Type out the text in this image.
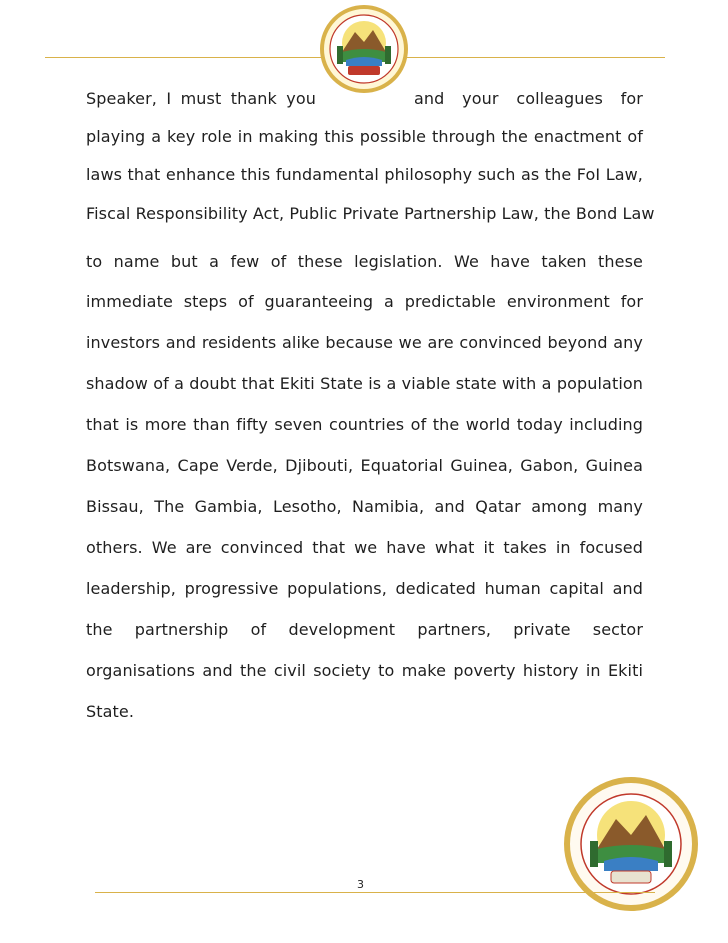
Speaker, I must thank you	and your colleagues for
playing a key role in making this possible through the enactment of
laws that enhance this fundamental philosophy such as the FoI Law,
Fiscal Responsibility Act, Public Private Partnership Law, the Bond Law
to name but a few of these legislation. We have taken these
immediate steps of guaranteeing a predictable environment for
investors and residents alike because we are convinced beyond any
shadow of a doubt that Ekiti State is a viable state with a population
that is more than fifty seven countries of the world today including
Botswana, Cape Verde, Djibouti, Equatorial Guinea, Gabon, Guinea
Bissau, The Gambia, Lesotho, Namibia, and Qatar among many
others. We are convinced that we have what it takes in focused
leadership, progressive populations, dedicated human capital and
the partnership of development partners, private sector
organisations and the civil society to make poverty history in Ekiti
State.
3
